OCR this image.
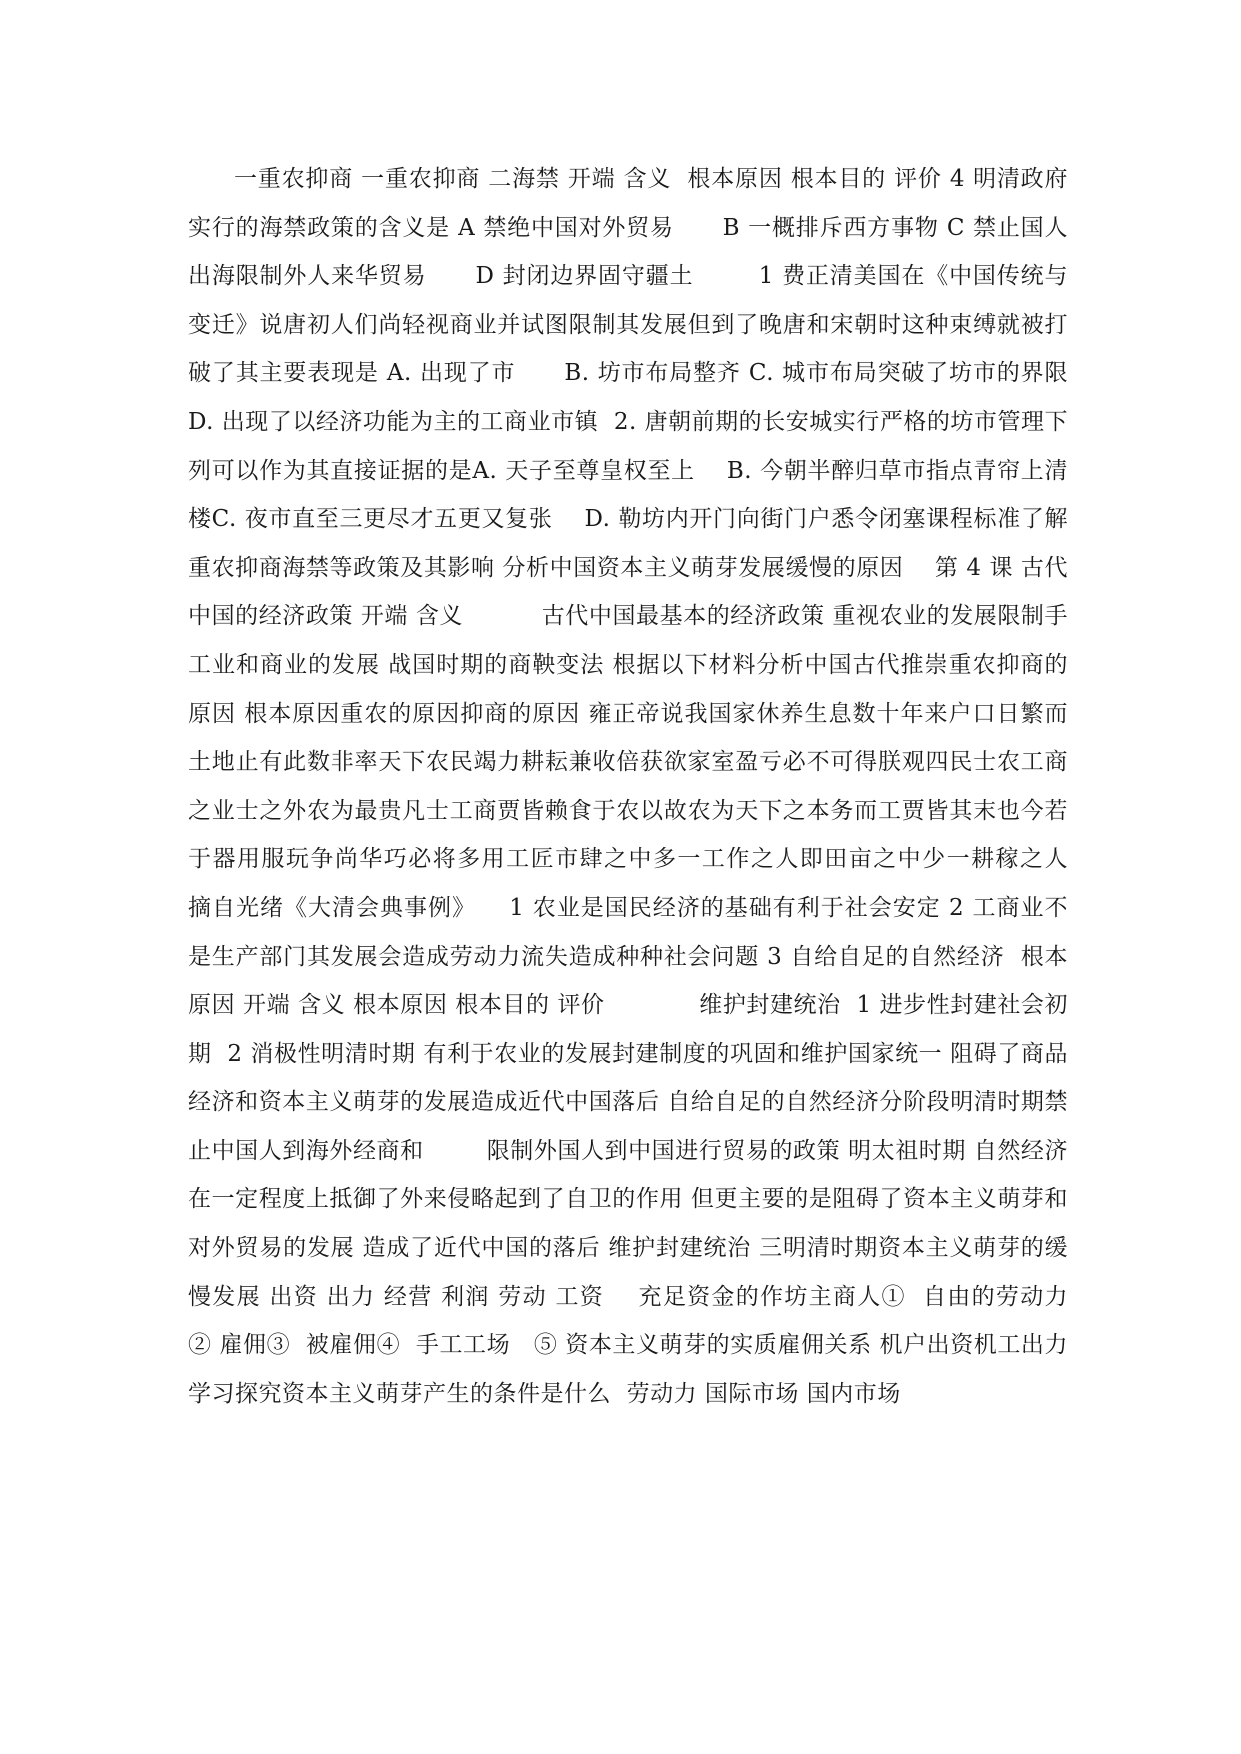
一重农抑商 一重农抑商 二海禁 开端 含义  根本原因 根本目的 评价 4 明清政府实行的海禁政策的含义是 A 禁绝中国对外贸易      B 一概排斥西方事物 C 禁止国人出海限制外人来华贸易      D 封闭边界固守疆土        1 费正清美国在《中国传统与变迁》说唐初人们尚轻视商业并试图限制其发展但到了晚唐和宋朝时这种束缚就被打破了其主要表现是 A. 出现了市      B. 坊市布局整齐 C. 城市布局突破了坊市的界限      D. 出现了以经济功能为主的工商业市镇  2. 唐朝前期的长安城实行严格的坊市管理下列可以作为其直接证据的是A. 天子至尊皇权至上    B. 今朝半醉归草市指点青帘上清楼C. 夜市直至三更尽才五更又复张    D. 勒坊内开门向街门户悉令闭塞课程标准了解重农抑商海禁等政策及其影响 分析中国资本主义萌芽发展缓慢的原因    第 4 课 古代中国的经济政策 开端 含义          古代中国最基本的经济政策 重视农业的发展限制手工业和商业的发展 战国时期的商鞅变法 根据以下材料分析中国古代推崇重农抑商的原因 根本原因重农的原因抑商的原因 雍正帝说我国家休养生息数十年来户口日繁而土地止有此数非率天下农民竭力耕耘兼收倍获欲家室盈亏必不可得朕观四民士农工商之业士之外农为最贵凡士工商贾皆赖食于农以故农为天下之本务而工贾皆其末也今若于器用服玩争尚华巧必将多用工匠市肆之中多一工作之人即田亩之中少一耕稼之人          摘自光绪《大清会典事例》    1 农业是国民经济的基础有利于社会安定 2 工商业不是生产部门其发展会造成劳动力流失造成种种社会问题 3 自给自足的自然经济  根本原因 开端 含义 根本原因 根本目的 评价            维护封建统治  1 进步性封建社会初期  2 消极性明清时期 有利于农业的发展封建制度的巩固和维护国家统一 阻碍了商品经济和资本主义萌芽的发展造成近代中国落后 自给自足的自然经济分阶段明清时期禁止中国人到海外经商和        限制外国人到中国进行贸易的政策 明太祖时期 自然经济 在一定程度上抵御了外来侵略起到了自卫的作用 但更主要的是阻碍了资本主义萌芽和对外贸易的发展 造成了近代中国的落后 维护封建统治 三明清时期资本主义萌芽的缓慢发展 出资 出力 经营 利润 劳动 工资    充足资金的作坊主商人①  自由的劳动力      ② 雇佣③  被雇佣④  手工工场   ⑤ 资本主义萌芽的实质雇佣关系 机户出资机工出力 学习探究资本主义萌芽产生的条件是什么  劳动力 国际市场 国内市场
